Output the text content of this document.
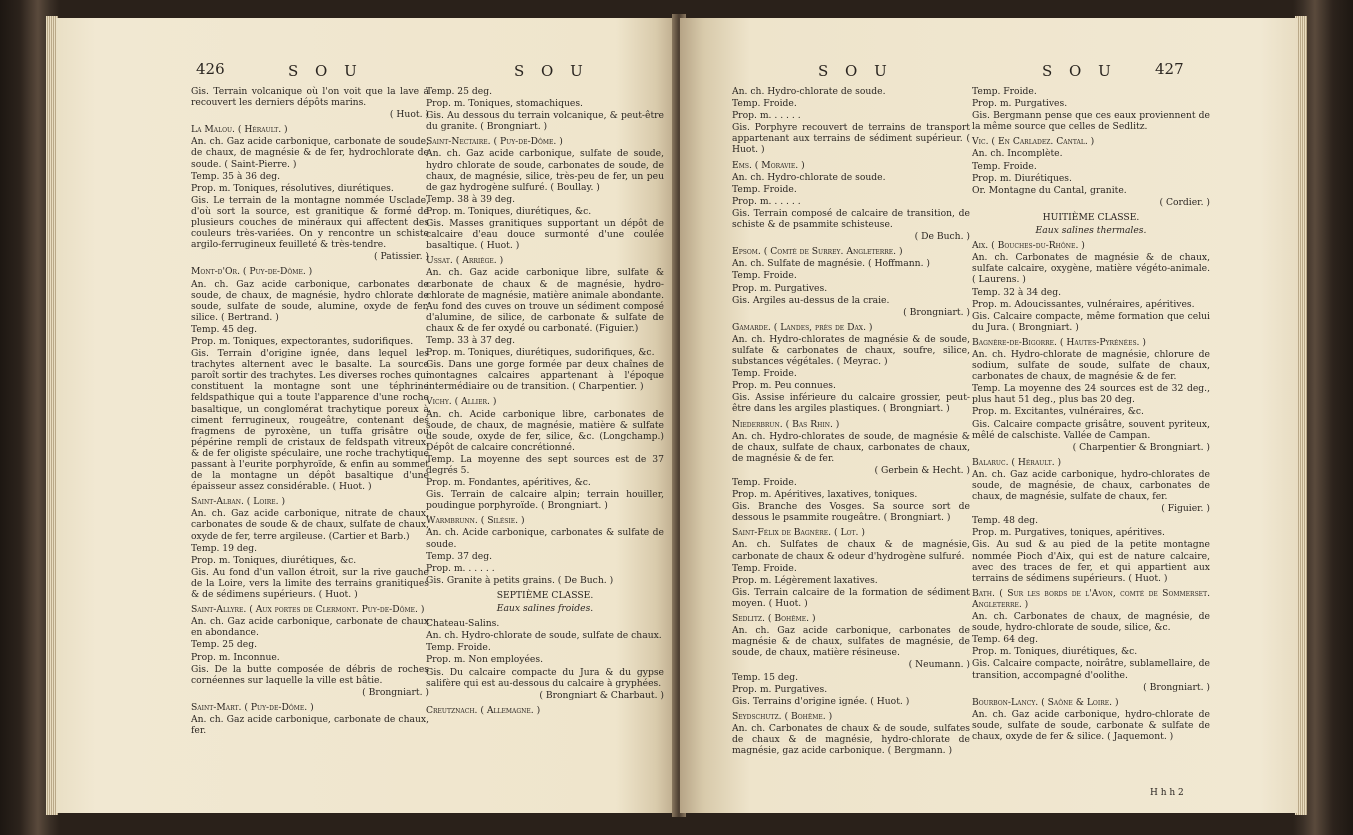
426	S O U	S O U

Gis. Terrain volcanique où l'on voit que la lave a recouvert les derniers dépôts marins.

( Huot. )

La Malou. ( Hérault. )

An. ch. Gaz acide carbonique, carbonate de soude, de chaux, de magnésie & de fer, hydrochlorate de soude. ( Saint-Pierre. )

Temp. 35 à 36 deg.

Prop. m. Toniques, résolutives, diurétiques.

Gis. Le terrain de la montagne nommée Usclade, d'où sort la source, est granitique & formé de plusieurs couches de minéraux qui affectent des couleurs très-variées. On y rencontre un schiste argilo-ferrugineux feuilleté & très-tendre.

( Patissier. )

Mont-d'Or. ( Puy-de-Dôme. )

An. ch. Gaz acide carbonique, carbonates de soude, de chaux, de magnésie, hydro chlorate de soude, sulfate de soude, alumine, oxyde de fer, silice. ( Bertrand. )

Temp. 45 deg.

Prop. m. Toniques, expectorantes, sudorifiques.

Gis. Terrain d'origine ignée, dans lequel les trachytes alternent avec le basalte. La source paroît sortir des trachytes. Les diverses roches qui constituent la montagne sont une téphrine feldspathique qui a toute l'apparence d'une roche basaltique, un conglomérat trachytique poreux à ciment ferrugineux, rougeâtre, contenant des fragmens de pyroxène, un tuffa grisâtre ou pépérine rempli de cristaux de feldspath vitreux, & de fer oligiste spéculaire, une roche trachytique passant à l'eurite porphyroïde, & enfin au sommet de la montagne un dépôt basaltique d'une épaisseur assez considérable. ( Huot. )

Saint-Alban. ( Loire. )

An. ch. Gaz acide carbonique, nitrate de chaux, carbonates de soude & de chaux, sulfate de chaux, oxyde de fer, terre argileuse. (Cartier et Barb.)

Temp. 19 deg.

Prop. m. Toniques, diurétiques, &c.

Gis. Au fond d'un vallon étroit, sur la rive gauche de la Loire, vers la limite des terrains granitiques & de sédimens supérieurs. ( Huot. )

Saint-Allyre. ( Aux portes de Clermont. Puy-de-Dôme. )

An. ch. Gaz acide carbonique, carbonate de chaux en abondance.

Temp. 25 deg.

Prop. m. Inconnue.

Gis. De la butte composée de débris de roches cornéennes sur laquelle la ville est bâtie.

( Brongniart. )

Saint-Mart. ( Puy-de-Dôme. )

An. ch. Gaz acide carbonique, carbonate de chaux, fer.

Temp. 25 deg.

Prop. m. Toniques, stomachiques.

Gis. Au dessous du terrain volcanique, & peut-être du granite. ( Brongniart. )

Saint-Nectaire. ( Puy-de-Dôme. )

An. ch. Gaz acide carbonique, sulfate de soude, hydro chlorate de soude, carbonates de soude, de chaux, de magnésie, silice, très-peu de fer, un peu de gaz hydrogène sulfuré. ( Boullay. )

Temp. 38 à 39 deg.

Prop. m. Toniques, diurétiques, &c.

Gis. Masses granitiques supportant un dépôt de calcaire d'eau douce surmonté d'une coulée basaltique. ( Huot. )

Ussat. ( Arriège. )

An. ch. Gaz acide carbonique libre, sulfate & carbonate de chaux & de magnésie, hydro-chlorate de magnésie, matière animale abondante. Au fond des cuves on trouve un sédiment composé d'alumine, de silice, de carbonate & sulfate de chaux & de fer oxydé ou carbonaté. (Figuier.)

Temp. 33 à 37 deg.

Prop. m. Toniques, diurétiques, sudorifiques, &c.

Gis. Dans une gorge formée par deux chaînes de montagnes calcaires appartenant à l'époque intermédiaire ou de transition. ( Charpentier. )

Vichy. ( Allier. )

An. ch. Acide carbonique libre, carbonates de soude, de chaux, de magnésie, matière & sulfate de soude, oxyde de fer, silice, &c. (Longchamp.) Dépôt de calcaire concrétionné.

Temp. La moyenne des sept sources est de 37 degrés 5.

Prop. m. Fondantes, apéritives, &c.

Gis. Terrain de calcaire alpin; terrain houiller, poudingue porphyroïde. ( Brongniart. )

Warmbrunn. ( Silésie. )

An. ch. Acide carbonique, carbonates & sulfate de soude.

Temp. 37 deg.

Prop. m. . . . . .

Gis. Granite à petits grains. ( De Buch. )

SEPTIÈME CLASSE.

Eaux salines froides.

Chateau-Salins.

An. ch. Hydro-chlorate de soude, sulfate de chaux.

Temp. Froide.

Prop. m. Non employées.

Gis. Du calcaire compacte du Jura & du gypse salifère qui est au-dessous du calcaire à gryphées.

( Brongniart & Charbaut. )

Creutznach. ( Allemagne. )

S O U	S O U	427

An. ch. Hydro-chlorate de soude.

Temp. Froide.

Prop. m. . . . . .

Gis. Porphyre recouvert de terrains de transport appartenant aux terrains de sédiment supérieur. ( Huot. )

Ems. ( Moravie. )

An. ch. Hydro-chlorate de soude.

Temp. Froide.

Prop. m. . . . . .

Gis. Terrain composé de calcaire de transition, de schiste & de psammite schisteuse.

( De Buch. )

Epsom. ( Comté de Surrey. Angleterre. )

An. ch. Sulfate de magnésie. ( Hoffmann. )

Temp. Froide.

Prop. m. Purgatives.

Gis. Argiles au-dessus de la craie.

( Brongniart. )

Gamarde. ( Landes, près de Dax. )

An. ch. Hydro-chlorates de magnésie & de soude, sulfate & carbonates de chaux, soufre, silice, substances végétales. ( Meyrac. )

Temp. Froide.

Prop. m. Peu connues.

Gis. Assise inférieure du calcaire grossier, peut-être dans les argiles plastiques. ( Brongniart. )

Niederbrun. ( Bas Rhin. )

An. ch. Hydro-chlorates de soude, de magnésie & de chaux, sulfate de chaux, carbonates de chaux, de magnésie & de fer.

( Gerbein & Hecht. )

Temp. Froide.

Prop. m. Apéritives, laxatives, toniques.

Gis. Branche des Vosges. Sa source sort de dessous le psammite rougeâtre. ( Brongniart. )

Saint-Félix de Bagnère. ( Lot. )

An. ch. Sulfates de chaux & de magnésie, carbonate de chaux & odeur d'hydrogène sulfuré.

Temp. Froide.

Prop. m. Légèrement laxatives.

Gis. Terrain calcaire de la formation de sédiment moyen. ( Huot. )

Sedlitz. ( Bohême. )

An. ch. Gaz acide carbonique, carbonates de magnésie & de chaux, sulfates de magnésie, de soude, de chaux, matière résineuse.

( Neumann. )

Temp. 15 deg.

Prop. m. Purgatives.

Gis. Terrains d'origine ignée. ( Huot. )

Seydschutz. ( Bohême. )

An. ch. Carbonates de chaux & de soude, sulfates de chaux & de magnésie, hydro-chlorate de magnésie, gaz acide carbonique. ( Bergmann. )

Temp. Froide.

Prop. m. Purgatives.

Gis. Bergmann pense que ces eaux proviennent de la même source que celles de Sedlitz.

Vic. ( En Carladez. Cantal. )

An. ch. Incomplète.

Temp. Froide.

Prop. m. Diurétiques.

Or. Montagne du Cantal, granite.

( Cordier. )

HUITIÈME CLASSE.

Eaux salines thermales.

Aix. ( Bouches-du-Rhône. )

An. ch. Carbonates de magnésie & de chaux, sulfate calcaire, oxygène, matière végéto-animale. ( Laurens. )

Temp. 32 à 34 deg.

Prop. m. Adoucissantes, vulnéraires, apéritives.

Gis. Calcaire compacte, même formation que celui du Jura. ( Brongniart. )

Bagnère-de-Bigorre. ( Hautes-Pyrénées. )

An. ch. Hydro-chlorate de magnésie, chlorure de sodium, sulfate de soude, sulfate de chaux, carbonates de chaux, de magnésie & de fer.

Temp. La moyenne des 24 sources est de 32 deg., plus haut 51 deg., plus bas 20 deg.

Prop. m. Excitantes, vulnéraires, &c.

Gis. Calcaire compacte grisâtre, souvent pyriteux, mêlé de calschiste. Vallée de Campan.

( Charpentier & Brongniart. )

Balaruc. ( Hérault. )

An. ch. Gaz acide carbonique, hydro-chlorates de soude, de magnésie, de chaux, carbonates de chaux, de magnésie, sulfate de chaux, fer.

( Figuier. )

Temp. 48 deg.

Prop. m. Purgatives, toniques, apéritives.

Gis. Au sud & au pied de la petite montagne nommée Pioch d'Aix, qui est de nature calcaire, avec des traces de fer, et qui appartient aux terrains de sédimens supérieurs. ( Huot. )

Bath. ( Sur les bords de l'Avon, comté de Sommerset. Angleterre. )

An. ch. Carbonates de chaux, de magnésie, de soude, hydro-chlorate de soude, silice, &c.

Temp. 64 deg.

Prop. m. Toniques, diurétiques, &c.

Gis. Calcaire compacte, noirâtre, sublamellaire, de transition, accompagné d'oolithe.

( Brongniart. )

Bourbon-Lancy. ( Saône & Loire. )

An. ch. Gaz acide carbonique, hydro-chlorate de soude, sulfate de soude, carbonate & sulfate de chaux, oxyde de fer & silice. ( Jaquemont. )

H h h 2
